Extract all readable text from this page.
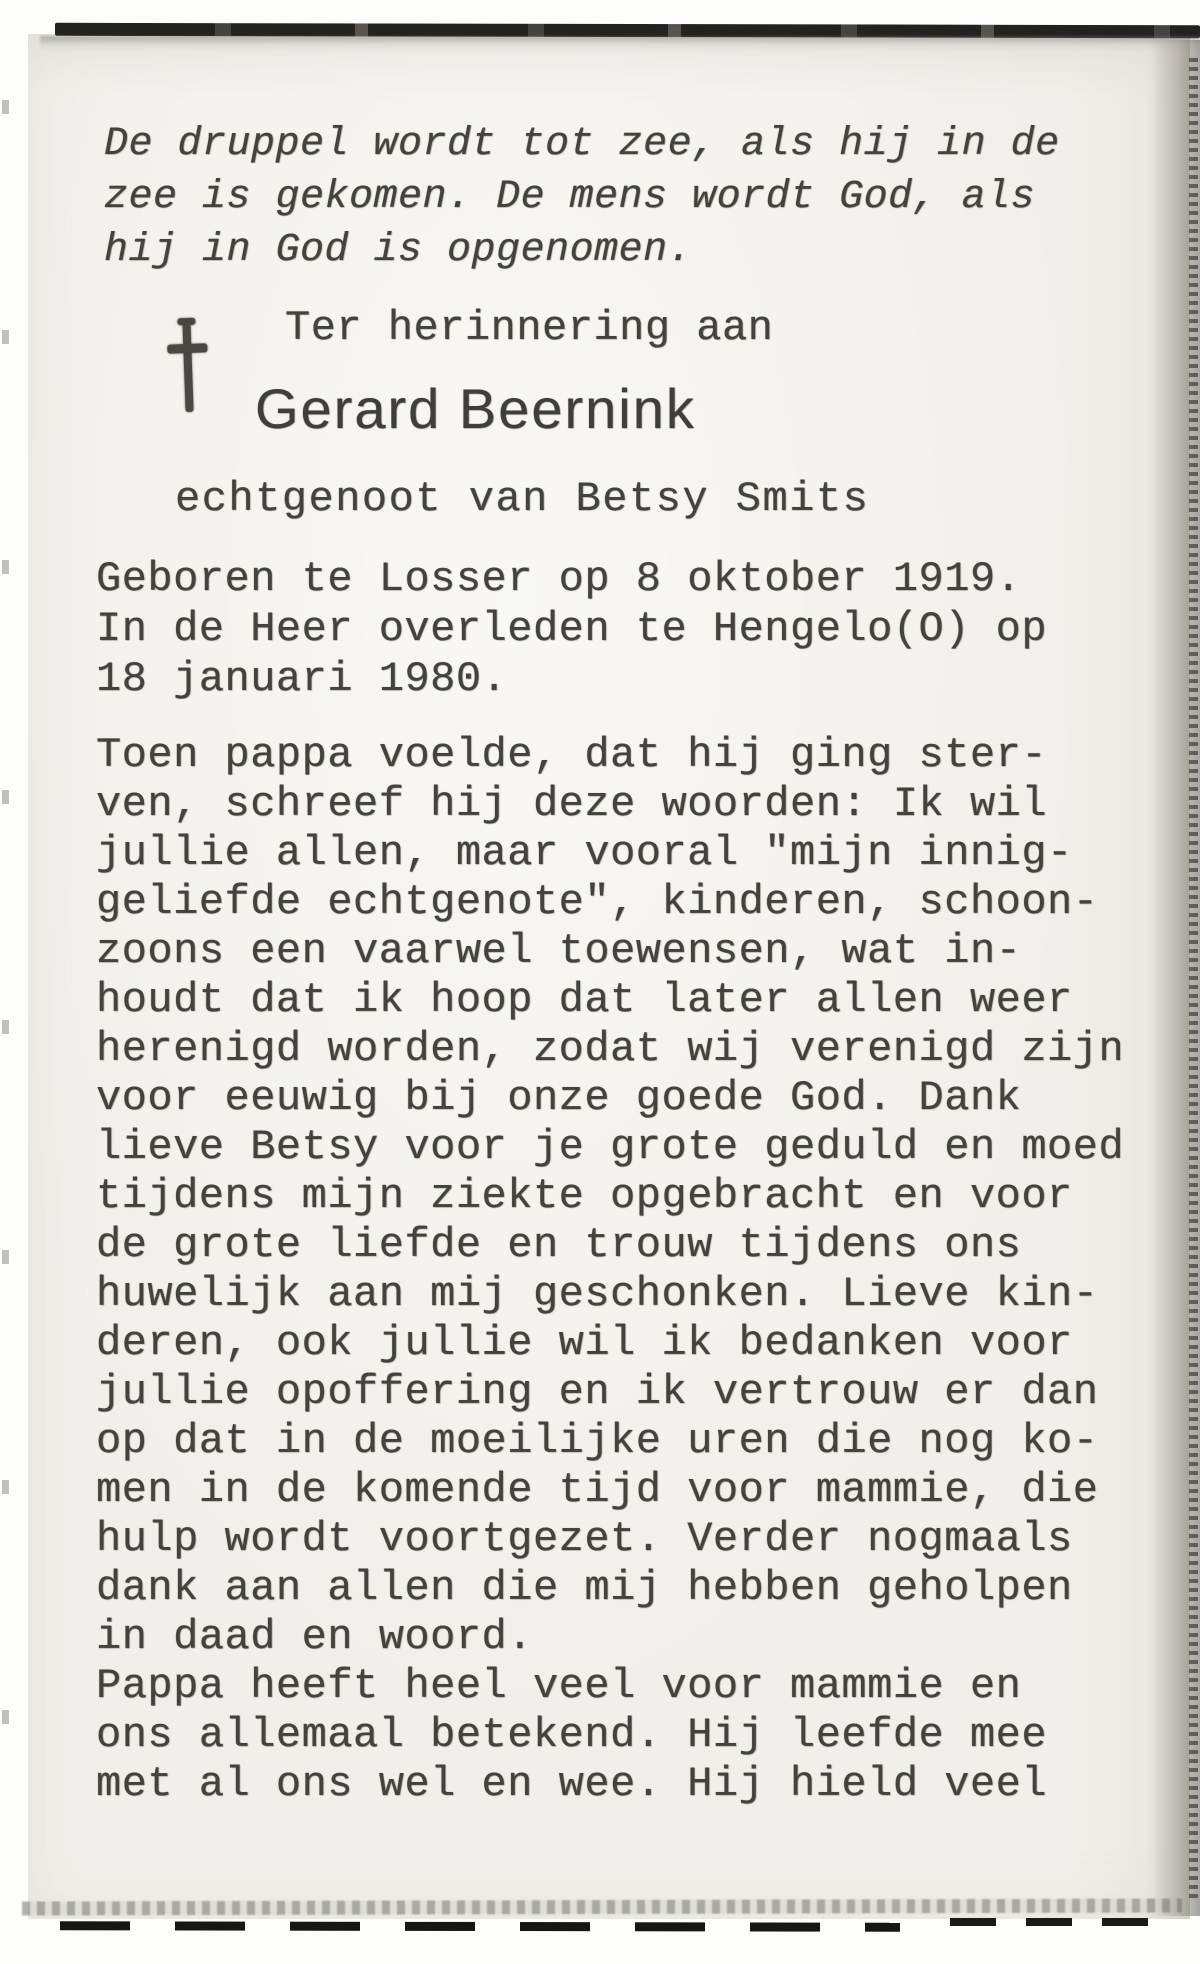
De druppel wordt tot zee, als hij in de
zee is gekomen. De mens wordt God, als
hij in God is opgenomen.
Ter herinnering aan
Gerard Beernink
echtgenoot van Betsy Smits
Geboren te Losser op 8 oktober 1919.
In de Heer overleden te Hengelo(O) op
18 januari 1980.
Toen pappa voelde, dat hij ging ster-
ven, schreef hij deze woorden: Ik wil
jullie allen, maar vooral "mijn innig-
geliefde echtgenote", kinderen, schoon-
zoons een vaarwel toewensen, wat in-
houdt dat ik hoop dat later allen weer
herenigd worden, zodat wij verenigd zijn
voor eeuwig bij onze goede God. Dank
lieve Betsy voor je grote geduld en moed
tijdens mijn ziekte opgebracht en voor
de grote liefde en trouw tijdens ons
huwelijk aan mij geschonken. Lieve kin-
deren, ook jullie wil ik bedanken voor
jullie opoffering en ik vertrouw er dan
op dat in de moeilijke uren die nog ko-
men in de komende tijd voor mammie, die
hulp wordt voortgezet. Verder nogmaals
dank aan allen die mij hebben geholpen
in daad en woord.
Pappa heeft heel veel voor mammie en
ons allemaal betekend. Hij leefde mee
met al ons wel en wee. Hij hield veel
